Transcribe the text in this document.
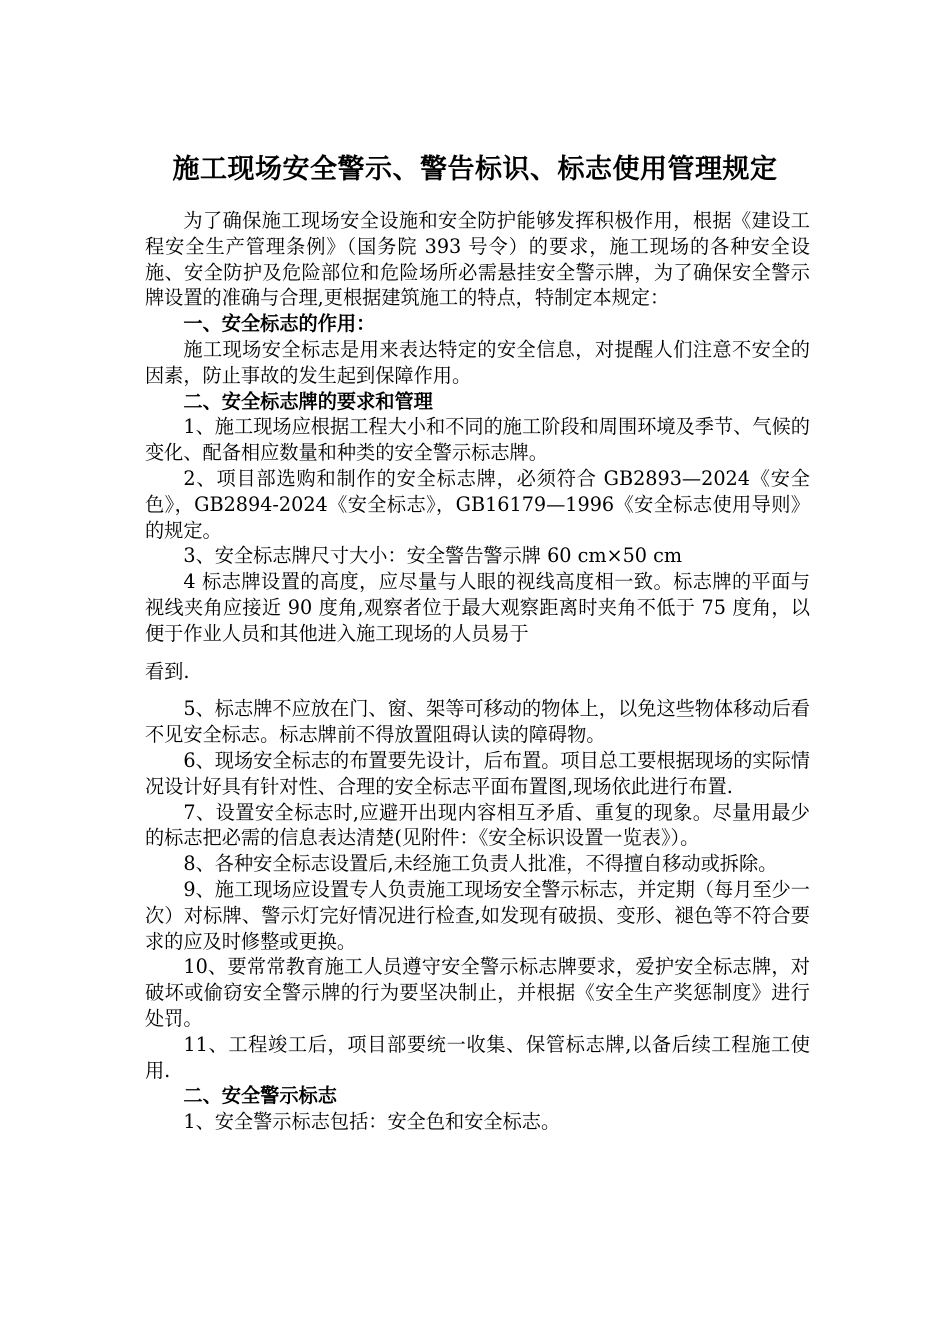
施工现场安全警示、警告标识、标志使用管理规定

为了确保施工现场安全设施和安全防护能够发挥积极作用，根据《建设工程安全生产管理条例》（国务院 393 号令）的要求，施工现场的各种安全设施、安全防护及危险部位和危险场所必需悬挂安全警示牌，为了确保安全警示牌设置的准确与合理,更根据建筑施工的特点，特制定本规定：

一、安全标志的作用：

施工现场安全标志是用来表达特定的安全信息，对提醒人们注意不安全的因素，防止事故的发生起到保障作用。

二、安全标志牌的要求和管理

1、施工现场应根据工程大小和不同的施工阶段和周围环境及季节、气候的变化、配备相应数量和种类的安全警示标志牌。

2、项目部选购和制作的安全标志牌，必须符合 GB2893—2024《安全色》，GB2894-2024《安全标志》，GB16179—1996《安全标志使用导则》的规定。

3、安全标志牌尺寸大小：安全警告警示牌 60 cm×50 cm

4 标志牌设置的高度，应尽量与人眼的视线高度相一致。标志牌的平面与视线夹角应接近 90 度角,观察者位于最大观察距离时夹角不低于 75 度角，以便于作业人员和其他进入施工现场的人员易于

看到.

5、标志牌不应放在门、窗、架等可移动的物体上，以免这些物体移动后看不见安全标志。标志牌前不得放置阻碍认读的障碍物。

6、现场安全标志的布置要先设计，后布置。项目总工要根据现场的实际情况设计好具有针对性、合理的安全标志平面布置图,现场依此进行布置.

7、设置安全标志时,应避开出现内容相互矛盾、重复的现象。尽量用最少的标志把必需的信息表达清楚(见附件：《安全标识设置一览表》）。

8、各种安全标志设置后,未经施工负责人批准，不得擅自移动或拆除。

9、施工现场应设置专人负责施工现场安全警示标志，并定期（每月至少一次）对标牌、警示灯完好情况进行检查,如发现有破损、变形、褪色等不符合要求的应及时修整或更换。

10、要常常教育施工人员遵守安全警示标志牌要求，爱护安全标志牌，对破坏或偷窃安全警示牌的行为要坚决制止，并根据《安全生产奖惩制度》进行处罚。

11、工程竣工后，项目部要统一收集、保管标志牌,以备后续工程施工使用.

二、安全警示标志

1、安全警示标志包括：安全色和安全标志。
